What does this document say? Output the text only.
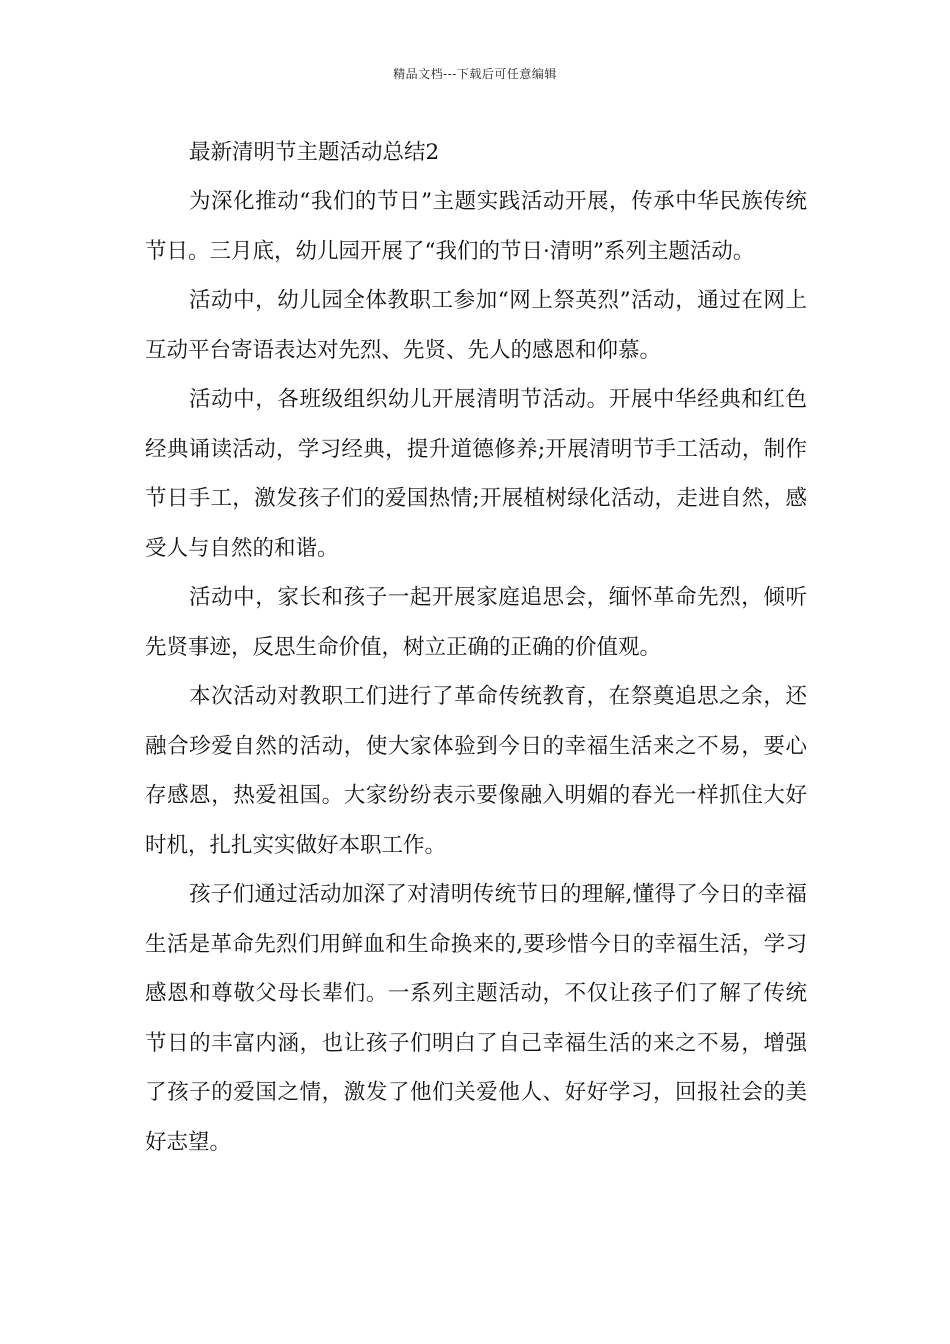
精品文档---下载后可任意编辑
最新清明节主题活动总结2

为深化推动“我们的节日”主题实践活动开展，传承中华民族传统节日。三月底，幼儿园开展了“我们的节日·清明”系列主题活动。

活动中，幼儿园全体教职工参加“网上祭英烈”活动，通过在网上互动平台寄语表达对先烈、先贤、先人的感恩和仰慕。

活动中，各班级组织幼儿开展清明节活动。开展中华经典和红色经典诵读活动，学习经典，提升道德修养;开展清明节手工活动，制作节日手工，激发孩子们的爱国热情;开展植树绿化活动，走进自然，感受人与自然的和谐。

活动中，家长和孩子一起开展家庭追思会，缅怀革命先烈，倾听先贤事迹，反思生命价值，树立正确的正确的价值观。

本次活动对教职工们进行了革命传统教育，在祭奠追思之余，还融合珍爱自然的活动，使大家体验到今日的幸福生活来之不易，要心存感恩，热爱祖国。大家纷纷表示要像融入明媚的春光一样抓住大好时机，扎扎实实做好本职工作。

孩子们通过活动加深了对清明传统节日的理解,懂得了今日的幸福生活是革命先烈们用鲜血和生命换来的,要珍惜今日的幸福生活，学习感恩和尊敬父母长辈们。一系列主题活动，不仅让孩子们了解了传统节日的丰富内涵，也让孩子们明白了自己幸福生活的来之不易，增强了孩子的爱国之情，激发了他们关爱他人、好好学习，回报社会的美好志望。
